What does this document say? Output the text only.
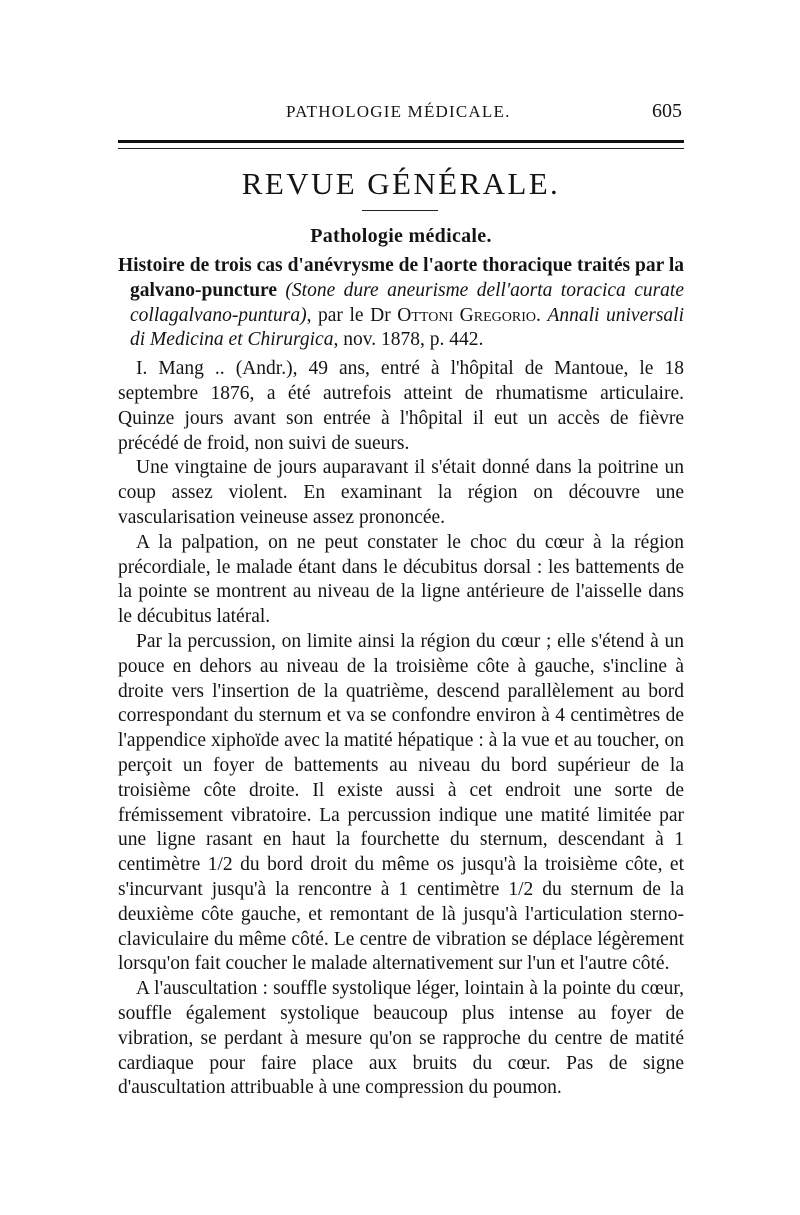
PATHOLOGIE MÉDICALE.	605
REVUE GÉNÉRALE.
Pathologie médicale.

Histoire de trois cas d'anévrysme de l'aorte thoracique traités par la galvano-puncture (Stone dure aneurisme dell'aorta toracica curate collagalvano-puntura), par le Dr Ottoni Gregorio. Annali universali di Medicina et Chirurgica, nov. 1878, p. 442.

I. Mang .. (Andr.), 49 ans, entré à l'hôpital de Mantoue, le 18 septembre 1876, a été autrefois atteint de rhumatisme articulaire. Quinze jours avant son entrée à l'hôpital il eut un accès de fièvre précédé de froid, non suivi de sueurs.

Une vingtaine de jours auparavant il s'était donné dans la poitrine un coup assez violent. En examinant la région on découvre une vascularisation veineuse assez prononcée.

A la palpation, on ne peut constater le choc du cœur à la région précordiale, le malade étant dans le décubitus dorsal : les battements de la pointe se montrent au niveau de la ligne antérieure de l'aisselle dans le décubitus latéral.

Par la percussion, on limite ainsi la région du cœur ; elle s'étend à un pouce en dehors au niveau de la troisième côte à gauche, s'incline à droite vers l'insertion de la quatrième, descend parallèlement au bord correspondant du sternum et va se confondre environ à 4 centimètres de l'appendice xiphoïde avec la matité hépatique : à la vue et au toucher, on perçoit un foyer de battements au niveau du bord supérieur de la troisième côte droite. Il existe aussi à cet endroit une sorte de frémissement vibratoire. La percussion indique une matité limitée par une ligne rasant en haut la fourchette du sternum, descendant à 1 centimètre 1/2 du bord droit du même os jusqu'à la troisième côte, et s'incurvant jusqu'à la rencontre à 1 centimètre 1/2 du sternum de la deuxième côte gauche, et remontant de là jusqu'à l'articulation sterno-claviculaire du même côté. Le centre de vibration se déplace légèrement lorsqu'on fait coucher le malade alternativement sur l'un et l'autre côté.

A l'auscultation : souffle systolique léger, lointain à la pointe du cœur, souffle également systolique beaucoup plus intense au foyer de vibration, se perdant à mesure qu'on se rapproche du centre de matité cardiaque pour faire place aux bruits du cœur. Pas de signe d'auscultation attribuable à une compression du poumon.
